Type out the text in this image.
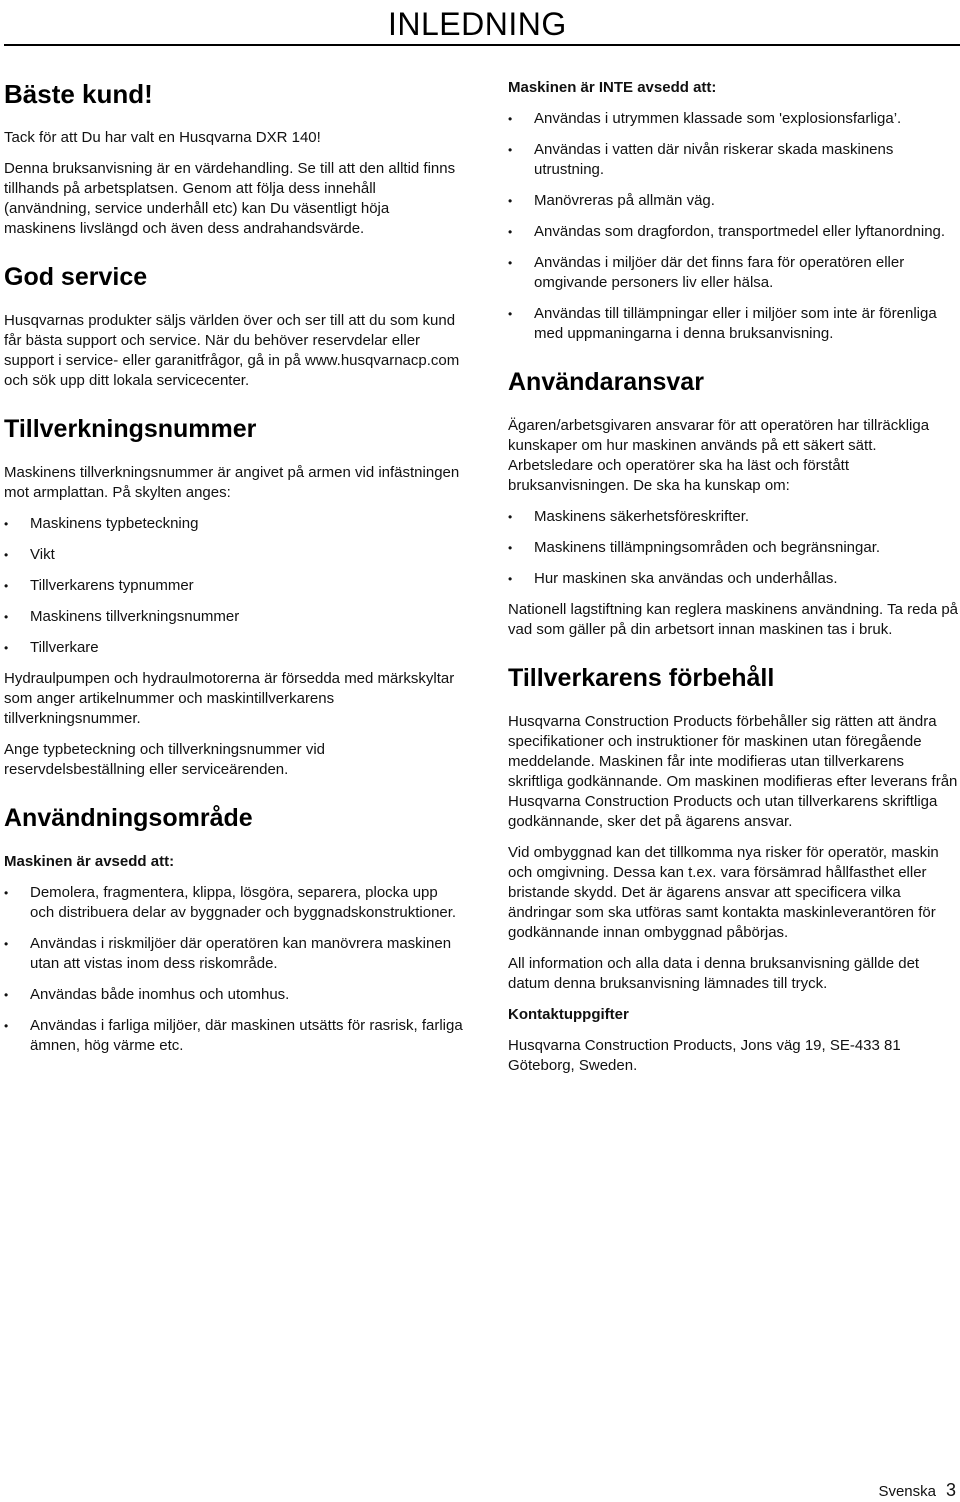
INLEDNING
Bäste kund!

Tack för att Du har valt en Husqvarna DXR 140!

Denna bruksanvisning är en värdehandling. Se till att den alltid finns tillhands på arbetsplatsen. Genom att följa dess innehåll (användning, service underhåll etc) kan Du väsentligt höja maskinens livslängd och även dess andrahandsvärde.

God service

Husqvarnas produkter säljs världen över och ser till att du som kund får bästa support och service. När du behöver reservdelar eller support i service- eller garanitfrågor, gå in på www.husqvarnacp.com och sök upp ditt lokala servicecenter.

Tillverkningsnummer

Maskinens tillverkningsnummer är angivet på armen vid infästningen mot armplattan. På skylten anges:

• Maskinens typbeteckning
• Vikt
• Tillverkarens typnummer
• Maskinens tillverkningsnummer
• Tillverkare

Hydraulpumpen och hydraulmotorerna är försedda med märkskyltar som anger artikelnummer och maskintillverkarens tillverkningsnummer.

Ange typbeteckning och tillverkningsnummer vid reservdelsbeställning eller serviceärenden.

Användningsområde
Maskinen är avsedd att:
• Demolera, fragmentera, klippa, lösgöra, separera, plocka upp och distribuera delar av byggnader och byggnadskonstruktioner.
• Användas i riskmiljöer där operatören kan manövrera maskinen utan att vistas inom dess riskområde.
• Användas både inomhus och utomhus.
• Användas i farliga miljöer, där maskinen utsätts för rasrisk, farliga ämnen, hög värme etc.
Maskinen är INTE avsedd att:
• Användas i utrymmen klassade som 'explosionsfarliga’.
• Användas i vatten där nivån riskerar skada maskinens utrustning.
• Manövreras på allmän väg.
• Användas som dragfordon, transportmedel eller lyftanordning.
• Användas i miljöer där det finns fara för operatören eller omgivande personers liv eller hälsa.
• Användas till tillämpningar eller i miljöer som inte är förenliga med uppmaningarna i denna bruksanvisning.
Användaransvar

Ägaren/arbetsgivaren ansvarar för att operatören har tillräckliga kunskaper om hur maskinen används på ett säkert sätt. Arbetsledare och operatörer ska ha läst och förstått bruksanvisningen. De ska ha kunskap om:

• Maskinens säkerhetsföreskrifter.
• Maskinens tillämpningsområden och begränsningar.
• Hur maskinen ska användas och underhållas.

Nationell lagstiftning kan reglera maskinens användning. Ta reda på vad som gäller på din arbetsort innan maskinen tas i bruk.

Tillverkarens förbehåll

Husqvarna Construction Products förbehåller sig rätten att ändra specifikationer och instruktioner för maskinen utan föregående meddelande. Maskinen får inte modifieras utan tillverkarens skriftliga godkännande. Om maskinen modifieras efter leverans från Husqvarna Construction Products och utan tillverkarens skriftliga godkännande, sker det på ägarens ansvar.

Vid ombyggnad kan det tillkomma nya risker för operatör, maskin och omgivning. Dessa kan t.ex. vara försämrad hållfasthet eller bristande skydd. Det är ägarens ansvar att specificera vilka ändringar som ska utföras samt kontakta maskinleverantören för godkännande innan ombyggnad påbörjas.

All information och alla data i denna bruksanvisning gällde det datum denna bruksanvisning lämnades till tryck.

Kontaktuppgifter

Husqvarna Construction Products, Jons väg 19, SE-433 81 Göteborg, Sweden.

Svenska 3
